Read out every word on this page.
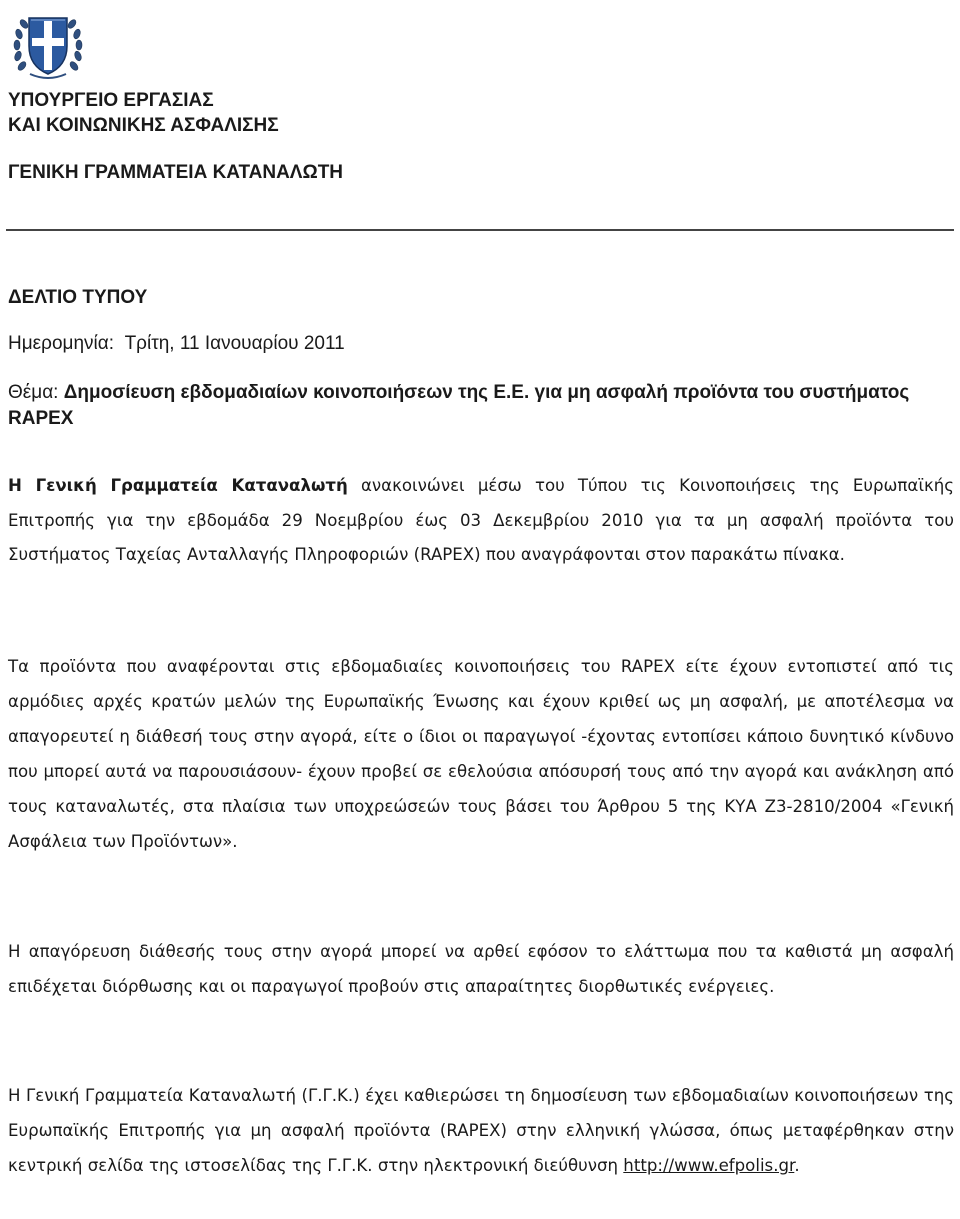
ΥΠΟΥΡΓΕΙΟ ΕΡΓΑΣΙΑΣ
ΚΑΙ ΚΟΙΝΩΝΙΚΗΣ ΑΣΦΑΛΙΣΗΣ
ΓΕΝΙΚΗ ΓΡΑΜΜΑΤΕΙΑ ΚΑΤΑΝΑΛΩΤΗ
ΔΕΛΤΙΟ ΤΥΠΟΥ
Ημερομηνία: Τρίτη, 11 Ιανουαρίου 2011

Θέμα: Δημοσίευση εβδομαδιαίων κοινοποιήσεων της Ε.Ε. για μη ασφαλή προϊόντα του συστήματος RAPEX

Η Γενική Γραμματεία Καταναλωτή ανακοινώνει μέσω του Τύπου τις Κοινοποιήσεις της Ευρωπαϊκής Επιτροπής για την εβδομάδα 29 Νοεμβρίου έως 03 Δεκεμβρίου 2010 για τα μη ασφαλή προϊόντα του Συστήματος Ταχείας Ανταλλαγής Πληροφοριών (RAPEX) που αναγράφονται στον παρακάτω πίνακα.

Τα προϊόντα που αναφέρονται στις εβδομαδιαίες κοινοποιήσεις του RAPEX είτε έχουν εντοπιστεί από τις αρμόδιες αρχές κρατών μελών της Ευρωπαϊκής Ένωσης και έχουν κριθεί ως μη ασφαλή, με αποτέλεσμα να απαγορευτεί η διάθεσή τους στην αγορά, είτε ο ίδιοι οι παραγωγοί -έχοντας εντοπίσει κάποιο δυνητικό κίνδυνο που μπορεί αυτά να παρουσιάσουν- έχουν προβεί σε εθελούσια απόσυρσή τους από την αγορά και ανάκληση από τους καταναλωτές, στα πλαίσια των υποχρεώσεών τους βάσει του Άρθρου 5 της ΚΥΑ Ζ3-2810/2004 «Γενική Ασφάλεια των Προϊόντων».

Η απαγόρευση διάθεσής τους στην αγορά μπορεί να αρθεί εφόσον το ελάττωμα που τα καθιστά μη ασφαλή επιδέχεται διόρθωσης και οι παραγωγοί προβούν στις απαραίτητες διορθωτικές ενέργειες.

Η Γενική Γραμματεία Καταναλωτή (Γ.Γ.Κ.) έχει καθιερώσει τη δημοσίευση των εβδομαδιαίων κοινοποιήσεων της Ευρωπαϊκής Επιτροπής για μη ασφαλή προϊόντα (RAPEX) στην ελληνική γλώσσα, όπως μεταφέρθηκαν στην κεντρική σελίδα της ιστοσελίδας της Γ.Γ.Κ. στην ηλεκτρονική διεύθυνση http://www.efpolis.gr.
